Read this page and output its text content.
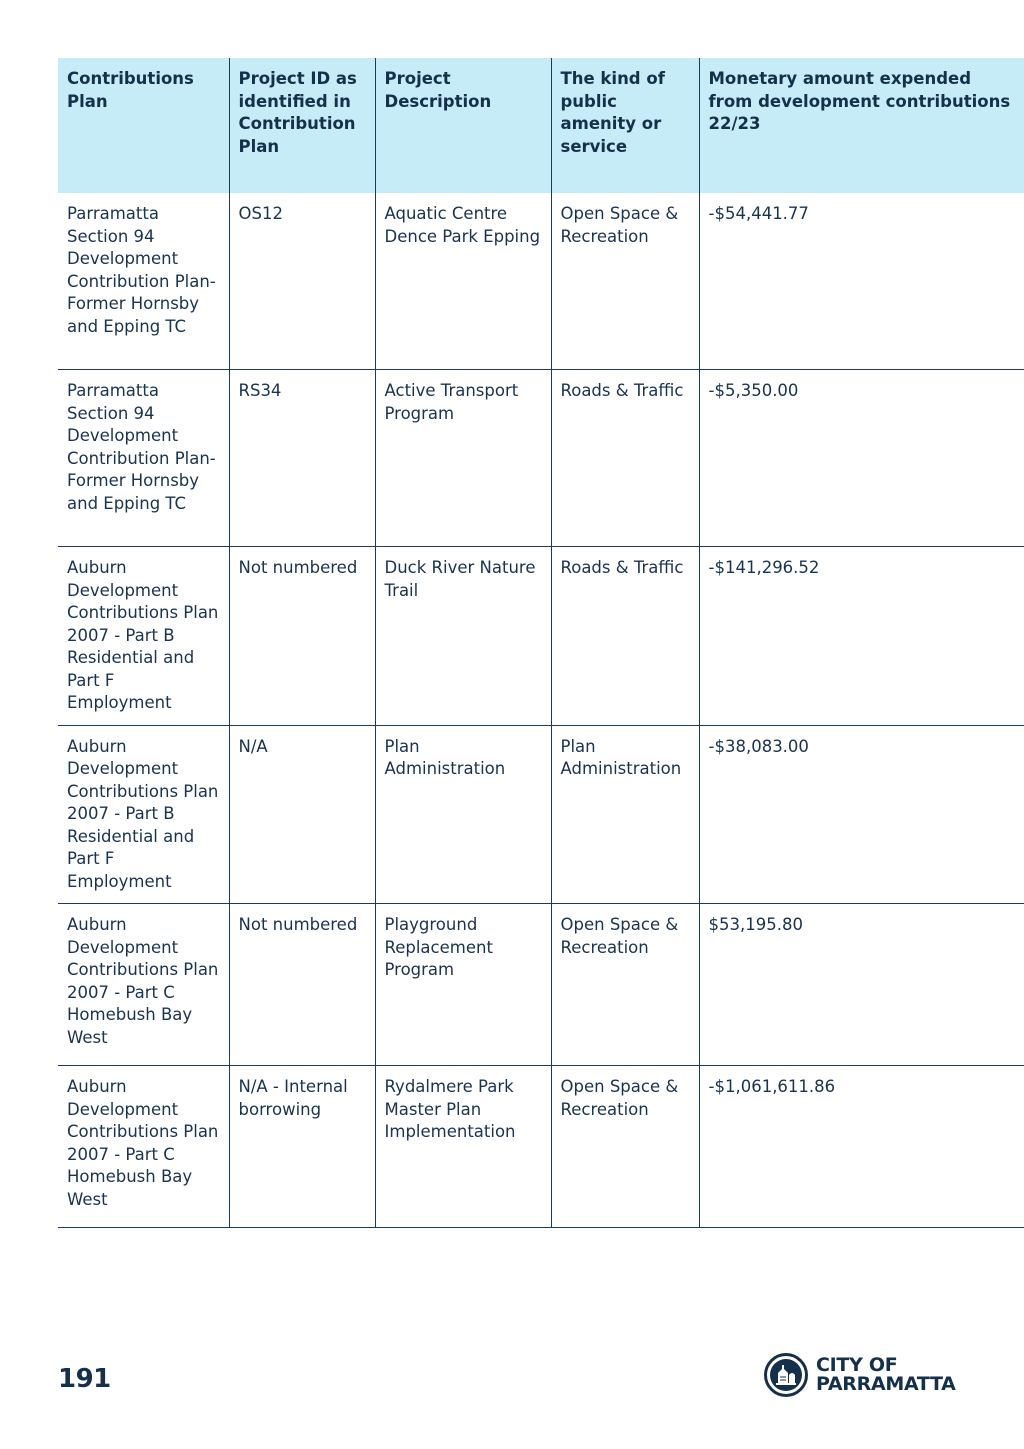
Contributions Plan	Project ID as identified in Contribution Plan	Project Description	The kind of public amenity or service	Monetary amount expended from development contributions 22/23
Parramatta Section 94 Development Contribution Plan-Former Hornsby and Epping TC	OS12	Aquatic Centre Dence Park Epping	Open Space & Recreation	-$54,441.77
Parramatta Section 94 Development Contribution Plan-Former Hornsby and Epping TC	RS34	Active Transport Program	Roads & Traffic	-$5,350.00
Auburn Development Contributions Plan 2007 - Part B Residential and Part F Employment	Not numbered	Duck River Nature Trail	Roads & Traffic	-$141,296.52
Auburn Development Contributions Plan 2007 - Part B Residential and Part F Employment	N/A	Plan Administration	Plan Administration	-$38,083.00
Auburn Development Contributions Plan 2007 - Part C Homebush Bay West	Not numbered	Playground Replacement Program	Open Space & Recreation	$53,195.80
Auburn Development Contributions Plan 2007 - Part C Homebush Bay West	N/A - Internal borrowing	Rydalmere Park Master Plan Implementation	Open Space & Recreation	-$1,061,611.86
191	CITY OF
PARRAMATTA
